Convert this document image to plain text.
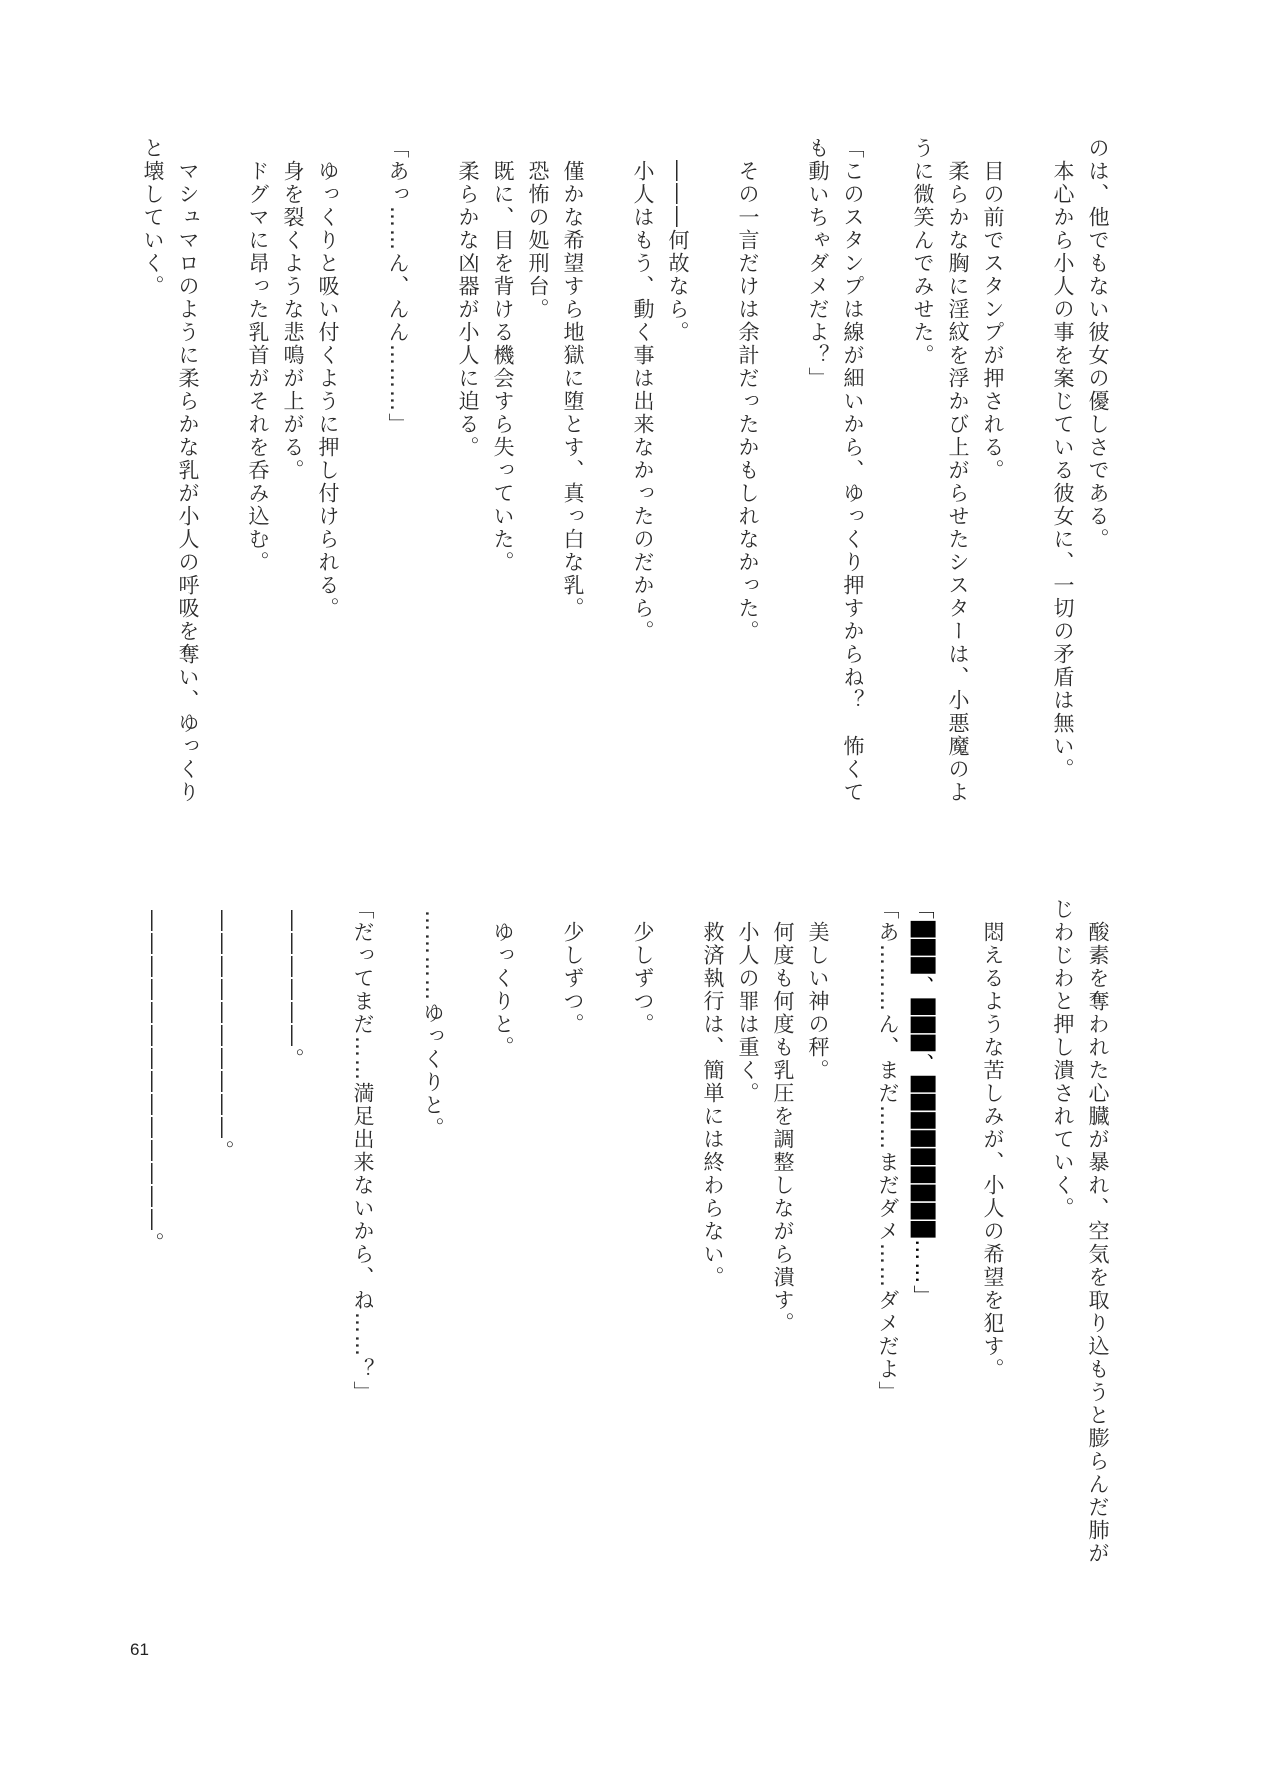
のは、他でもない彼女の優しさである。
本心から小人の事を案じている彼女に、一切の矛盾は無い。
目の前でスタンプが押される。
柔らかな胸に淫紋を浮かび上がらせたシスターは、小悪魔のよ
うに微笑んでみせた。
「このスタンプは線が細いから、ゆっくり押すからね？　怖くて
も動いちゃダメだよ？」
その一言だけは余計だったかもしれなかった。
―――何故なら。
小人はもう、動く事は出来なかったのだから。
僅かな希望すら地獄に堕とす、真っ白な乳。
恐怖の処刑台。
既に、目を背ける機会すら失っていた。
柔らかな凶器が小人に迫る。
「あっ……ん、んん………」
ゆっくりと吸い付くように押し付けられる。
身を裂くような悲鳴が上がる。
ドグマに昂った乳首がそれを呑み込む。
マシュマロのように柔らかな乳が小人の呼吸を奪い、ゆっくり
と壊していく。
酸素を奪われた心臓が暴れ、空気を取り込もうと膨らんだ肺が
じわじわと押し潰されていく。
悶えるような苦しみが、小人の希望を犯す。
「███、███、█████████……」
「あ………ん、まだ……まだダメ……ダメだよ」
美しい神の秤。
何度も何度も乳圧を調整しながら潰す。
小人の罪は重く。
救済執行は、簡単には終わらない。
少しずつ。
少しずつ。
ゆっくりと。
…………ゆっくりと。
「だってまだ……満足出来ないから、ね……？」
――――――。
――――――――――。
――――――――――――――。
61
